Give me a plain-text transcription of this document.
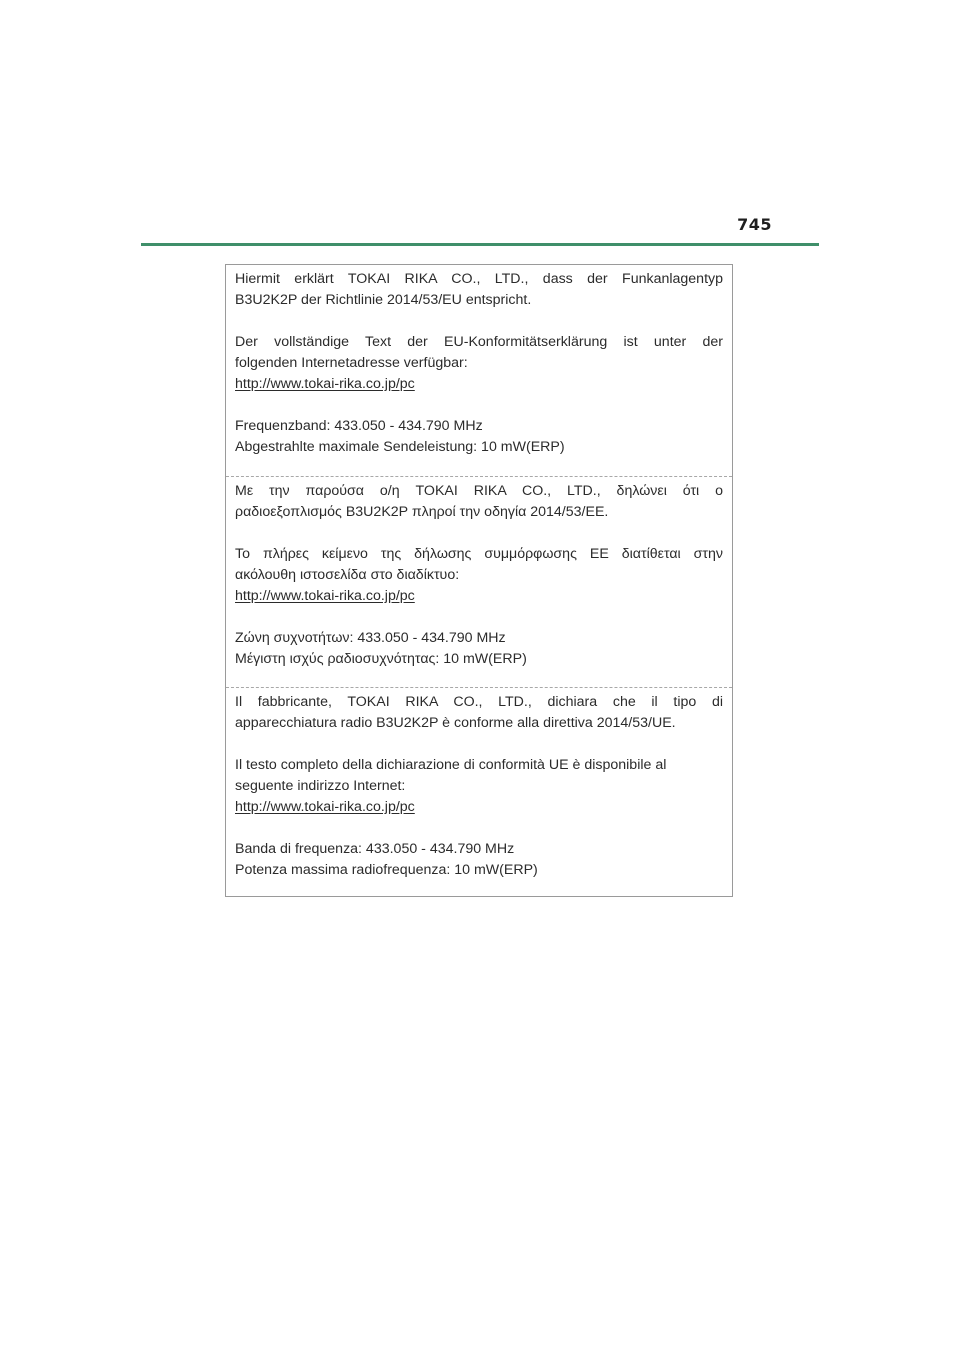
745

Hiermit erklärt TOKAI RIKA CO., LTD., dass der Funkanlagentyp
B3U2K2P der Richtlinie 2014/53/EU entspricht.

Der vollständige Text der EU-Konformitätserklärung ist unter der
folgenden Internetadresse verfügbar:
http://www.tokai-rika.co.jp/pc

Frequenzband: 433.050 - 434.790 MHz
Abgestrahlte maximale Sendeleistung: 10 mW(ERP)

Με την παρούσα ο/η TOKAI RIKA CO., LTD., δηλώνει ότι ο
ραδιοεξοπλισμός B3U2K2P πληροί την οδηγία 2014/53/ΕΕ.

Το πλήρες κείμενο της δήλωσης συμμόρφωσης ΕΕ διατίθεται στην
ακόλουθη ιστοσελίδα στο διαδίκτυο:
http://www.tokai-rika.co.jp/pc

Ζώνη συχνοτήτων: 433.050 - 434.790 MHz
Μέγιστη ισχύς ραδιοσυχνότητας: 10 mW(ERP)

Il fabbricante, TOKAI RIKA CO., LTD., dichiara che il tipo di
apparecchiatura radio B3U2K2P è conforme alla direttiva 2014/53/UE.

Il testo completo della dichiarazione di conformità UE è disponibile al
seguente indirizzo Internet:
http://www.tokai-rika.co.jp/pc

Banda di frequenza: 433.050 - 434.790 MHz
Potenza massima radiofrequenza: 10 mW(ERP)
